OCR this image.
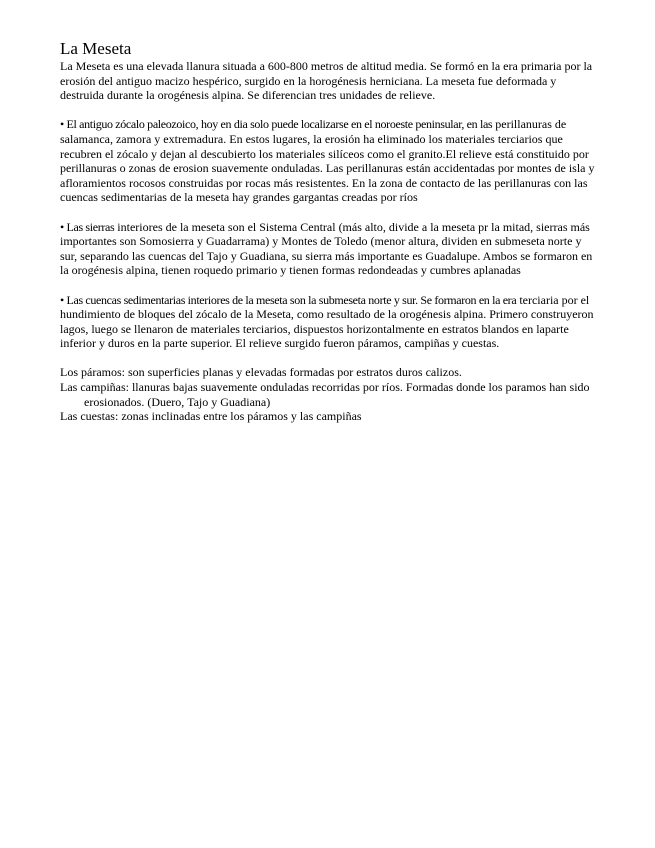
La Meseta

La Meseta es una elevada llanura situada a 600-800 metros de altitud media. Se formó en la era primaria por la erosión del antiguo macizo hespérico, surgido en la horogénesis herniciana. La meseta fue deformada y destruida durante la orogénesis alpina. Se diferencian tres unidades de relieve.

• El antiguo zócalo paleozoico, hoy en dia solo puede localizarse en el noroeste peninsular, en las perillanuras de salamanca, zamora y extremadura. En estos lugares, la erosión ha eliminado los materiales terciarios que recubren el zócalo y dejan al descubierto los materiales silíceos como el granito.El relieve está constituido por perillanuras o zonas de erosion suavemente onduladas. Las perillanuras están accidentadas por montes de isla y afloramientos rocosos construidas por rocas más resistentes. En la zona de contacto de las perillanuras con las cuencas sedimentarias de la meseta hay grandes gargantas creadas por ríos

• Las sierras interiores de la meseta son el Sistema Central (más alto, divide a la meseta pr la mitad, sierras más importantes son Somosierra y Guadarrama) y Montes de Toledo (menor altura, dividen en submeseta norte y sur, separando las cuencas del Tajo y Guadiana, su sierra más importante es Guadalupe. Ambos se formaron en la orogénesis alpina, tienen roquedo primario y tienen formas redondeadas y cumbres aplanadas

• Las cuencas sedimentarias interiores de la meseta son la submeseta norte y sur. Se formaron en la era terciaria por el hundimiento de bloques del zócalo de la Meseta, como resultado de la orogénesis alpina. Primero construyeron lagos, luego se llenaron de materiales terciarios, dispuestos horizontalmente en estratos blandos en laparte inferior y duros en la parte superior. El relieve surgido fueron páramos, campiñas y cuestas.

Los páramos: son superficies planas y elevadas formadas por estratos duros calizos.

Las campiñas: llanuras bajas suavemente onduladas recorridas por ríos. Formadas donde los paramos han sido erosionados. (Duero, Tajo y Guadiana)

Las cuestas: zonas inclinadas entre los páramos y las campiñas
